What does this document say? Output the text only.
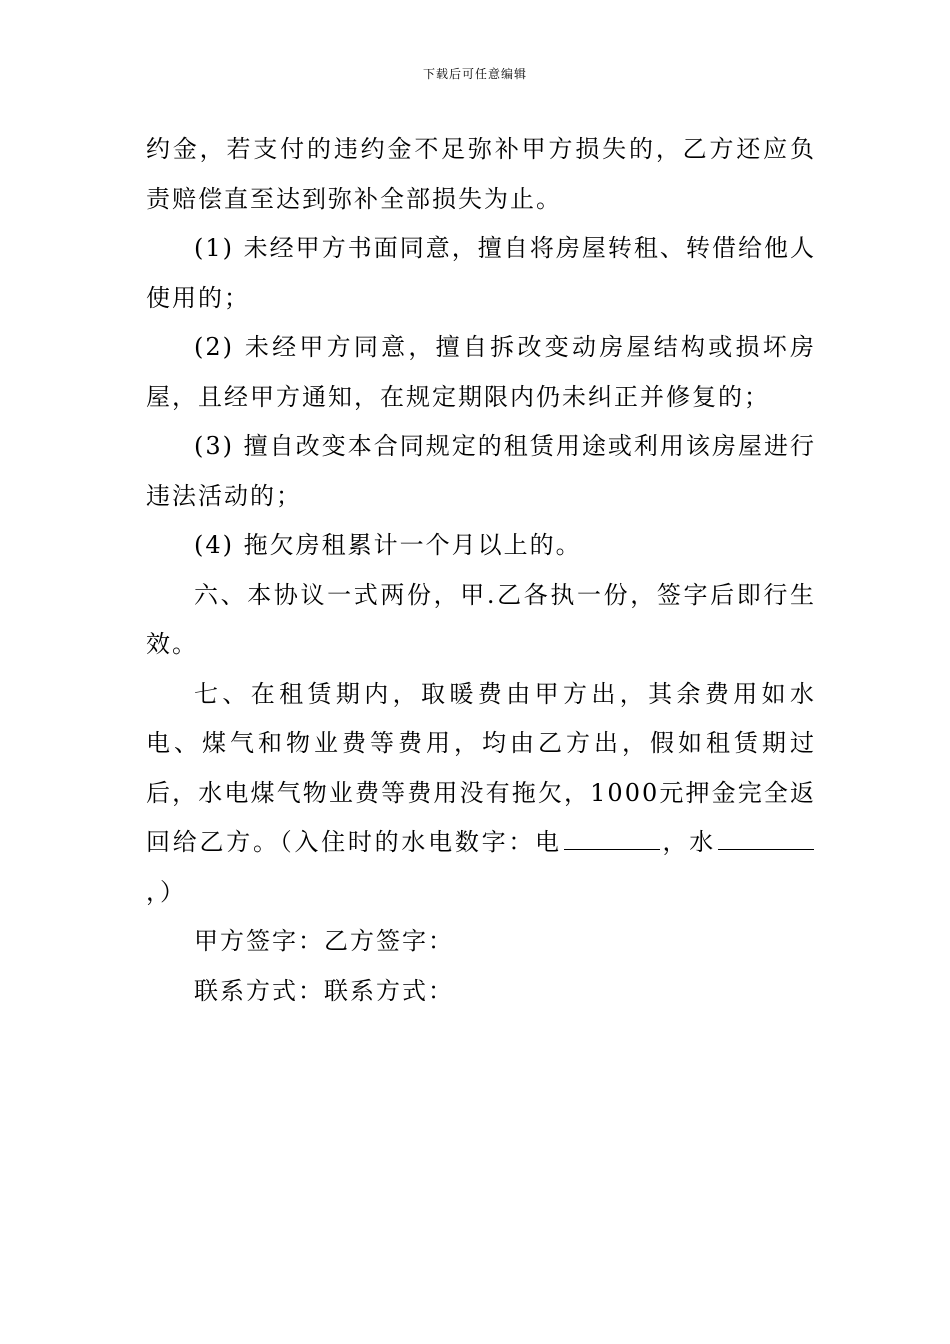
下载后可任意编辑

约金，若支付的违约金不足弥补甲方损失的，乙方还应负责赔偿直至达到弥补全部损失为止。

(1) 未经甲方书面同意，擅自将房屋转租、转借给他人使用的；

(2) 未经甲方同意，擅自拆改变动房屋结构或损坏房屋，且经甲方通知，在规定期限内仍未纠正并修复的；

(3) 擅自改变本合同规定的租赁用途或利用该房屋进行违法活动的；

(4) 拖欠房租累计一个月以上的。

六、本协议一式两份，甲.乙各执一份，签字后即行生效。

七、在租赁期内，取暖费由甲方出，其余费用如水电、煤气和物业费等费用，均由乙方出，假如租赁期过后，水电煤气物业费等费用没有拖欠，1000元押金完全返回给乙方。（入住时的水电数字：电	，水，）

甲方签字：乙方签字：

联系方式：联系方式：
